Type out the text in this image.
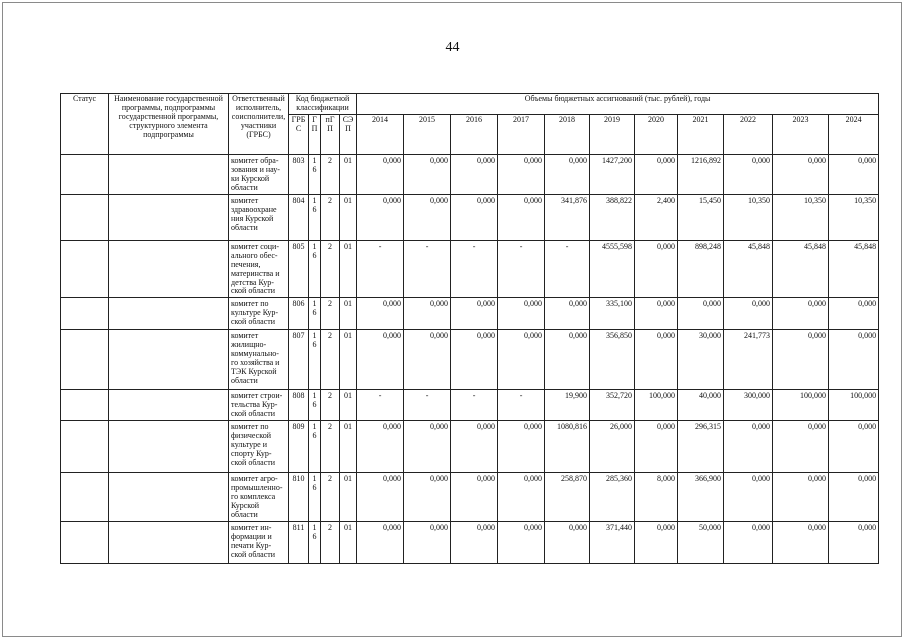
44
Статус	Наименование государственной программы, подпрограммы государственной программы, структурного элемента подпрограммы	Ответственный исполнитель, соисполнители, участники (ГРБС)	Код бюджетной классификации				Объемы бюджетных ассигнований (тыс. рублей), годы										
			ГРБС	ГП	пГП	СЭП	2014	2015	2016	2017	2018	2019	2020	2021	2022	2023	2024
		комитет обра-зования и нау-ки Курской области	803	16	2	01	0,000	0,000	0,000	0,000	0,000	1427,200	0,000	1216,892	0,000	0,000	0,000
		комитет здравоохране ния Курской области	804	16	2	01	0,000	0,000	0,000	0,000	341,876	388,822	2,400	15,450	10,350	10,350	10,350
		комитет соци-ального обес-печения, материнства и детства Кур-ской области	805	16	2	01	-	-	-	-	-	4555,598	0,000	898,248	45,848	45,848	45,848
		комитет по культуре Кур-ской области	806	16	2	01	0,000	0,000	0,000	0,000	0,000	335,100	0,000	0,000	0,000	0,000	0,000
		комитет жилищно-коммунально-го хозяйства и ТЭК Курской области	807	16	2	01	0,000	0,000	0,000	0,000	0,000	356,850	0,000	30,000	241,773	0,000	0,000
		комитет строи-тельства Кур-ской области	808	16	2	01	-	-	-	-	19,900	352,720	100,000	40,000	300,000	100,000	100,000
		комитет по физической культуре и спорту Кур-ской области	809	16	2	01	0,000	0,000	0,000	0,000	1080,816	26,000	0,000	296,315	0,000	0,000	0,000
		комитет агро-промышленно-го комплекса Курской области	810	16	2	01	0,000	0,000	0,000	0,000	258,870	285,360	8,000	366,900	0,000	0,000	0,000
		комитет ин-формации и печати Кур-ской области	811	16	2	01	0,000	0,000	0,000	0,000	0,000	371,440	0,000	50,000	0,000	0,000	0,000
